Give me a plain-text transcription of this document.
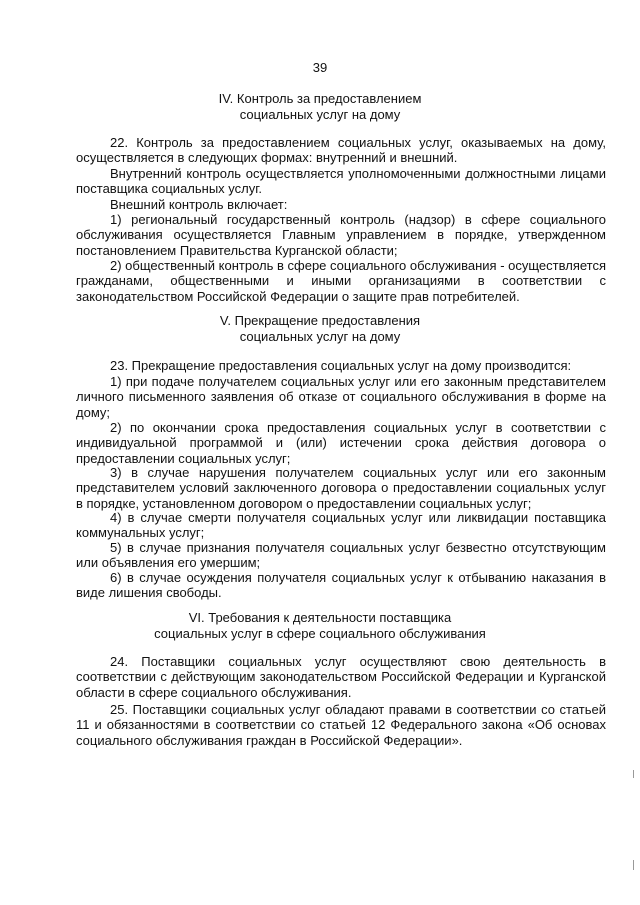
39
IV. Контроль за предоставлением
социальных услуг на дому
22. Контроль за предоставлением социальных услуг, оказываемых на дому, осуществляется в следующих формах: внутренний и внешний.
Внутренний контроль осуществляется уполномоченными должностными лицами поставщика социальных услуг.
Внешний контроль включает:
1) региональный государственный контроль (надзор) в сфере социального обслуживания осуществляется Главным управлением в порядке, утвержденном постановлением Правительства Курганской области;
2) общественный контроль в сфере социального обслуживания - осуществляется гражданами, общественными и иными организациями в соответствии с законодательством Российской Федерации о защите прав потребителей.
V. Прекращение предоставления
социальных услуг на дому
23. Прекращение предоставления социальных услуг на дому производится:
1) при подаче получателем социальных услуг или его законным представителем личного письменного заявления об отказе от социального обслуживания в форме на дому;
2) по окончании срока предоставления социальных услуг в соответствии с индивидуальной программой и (или) истечении срока действия договора о предоставлении социальных услуг;
3) в случае нарушения получателем социальных услуг или его законным представителем условий заключенного договора о предоставлении социальных услуг в порядке, установленном договором о предоставлении социальных услуг;
4) в случае смерти получателя социальных услуг или ликвидации поставщика коммунальных услуг;
5) в случае признания получателя социальных услуг безвестно отсутствующим или объявления его умершим;
6) в случае осуждения получателя социальных услуг к отбыванию наказания в виде лишения свободы.
VI. Требования к деятельности поставщика
социальных услуг в сфере социального обслуживания
24. Поставщики социальных услуг осуществляют свою деятельность в соответствии с действующим законодательством Российской Федерации и Курганской области в сфере социального обслуживания.
25. Поставщики социальных услуг обладают правами в соответствии со статьей 11 и обязанностями в соответствии со статьей 12 Федерального закона «Об основах социального обслуживания граждан в Российской Федерации».
